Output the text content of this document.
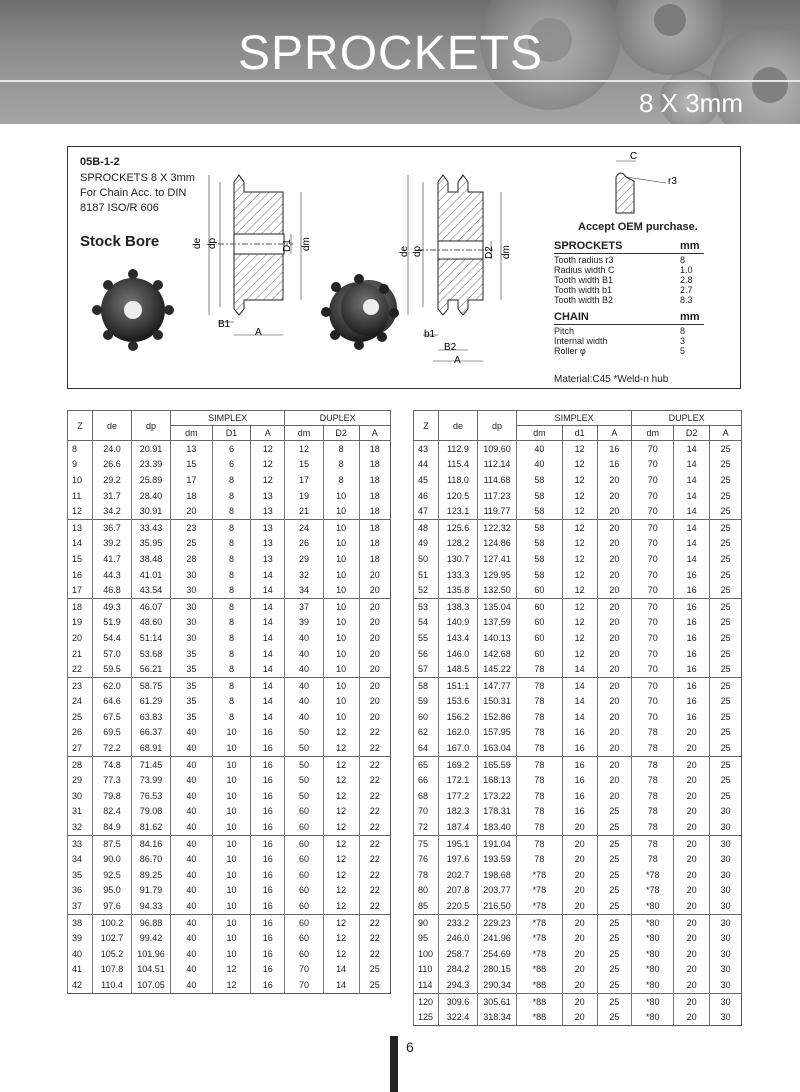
SPROCKETS
8 X 3mm
de dp	D1 dm
B1
A
de dp	D2 dm
b1
B2
A
C
r3
05B-1-2
SPROCKETS 8 X 3mm
For Chain Acc. to DIN
8187 ISO/R 606
Stock Bore
Accept OEM purchase.
SPROCKETS	mm
Tooth radius r3	8
Radius width C	1.0
Tooth width B1	2.8
Tooth width b1	2.7
Tooth width B2	8.3
CHAIN	mm
Pitch	8
Internal width	3
Roller φ	5
Material:C45 *Weld-n hub
Z	de	dp	SIMPLEX			DUPLEX		
			dm	D1	A	dm	D2	A
8	24.0	20.91	13	6	12	12	8	18
9	26.6	23.39	15	6	12	15	8	18
10	29.2	25.89	17	8	12	17	8	18
11	31.7	28.40	18	8	13	19	10	18
12	34.2	30.91	20	8	13	21	10	18
13	36.7	33.43	23	8	13	24	10	18
14	39.2	35.95	25	8	13	26	10	18
15	41.7	38.48	28	8	13	29	10	18
16	44.3	41.01	30	8	14	32	10	20
17	46.8	43.54	30	8	14	34	10	20
18	49.3	46.07	30	8	14	37	10	20
19	51.9	48.60	30	8	14	39	10	20
20	54.4	51.14	30	8	14	40	10	20
21	57.0	53.68	35	8	14	40	10	20
22	59.5	56.21	35	8	14	40	10	20
23	62.0	58.75	35	8	14	40	10	20
24	64.6	61.29	35	8	14	40	10	20
25	67.5	63.83	35	8	14	40	10	20
26	69.5	66.37	40	10	16	50	12	22
27	72.2	68.91	40	10	16	50	12	22
28	74.8	71.45	40	10	16	50	12	22
29	77.3	73.99	40	10	16	50	12	22
30	79.8	76.53	40	10	16	50	12	22
31	82.4	79.08	40	10	16	60	12	22
32	84.9	81.62	40	10	16	60	12	22
33	87.5	84.16	40	10	16	60	12	22
34	90.0	86.70	40	10	16	60	12	22
35	92.5	89.25	40	10	16	60	12	22
36	95.0	91.79	40	10	16	60	12	22
37	97.6	94.33	40	10	16	60	12	22
38	100.2	96.88	40	10	16	60	12	22
39	102.7	99.42	40	10	16	60	12	22
40	105.2	101.96	40	10	16	60	12	22
41	107.8	104.51	40	12	16	70	14	25
42	110.4	107.05	40	12	16	70	14	25
Z	de	dp	SIMPLEX			DUPLEX		
			dm	d1	A	dm	D2	A
43	112.9	109.60	40	12	16	70	14	25
44	115.4	112.14	40	12	16	70	14	25
45	118.0	114.68	58	12	20	70	14	25
46	120.5	117.23	58	12	20	70	14	25
47	123.1	119.77	58	12	20	70	14	25
48	125.6	122.32	58	12	20	70	14	25
49	128.2	124.86	58	12	20	70	14	25
50	130.7	127.41	58	12	20	70	14	25
51	133.3	129.95	58	12	20	70	16	25
52	135.8	132.50	60	12	20	70	16	25
53	138.3	135.04	60	12	20	70	16	25
54	140.9	137.59	60	12	20	70	16	25
55	143.4	140.13	60	12	20	70	16	25
56	146.0	142.68	60	12	20	70	16	25
57	148.5	145.22	78	14	20	70	16	25
58	151.1	147.77	78	14	20	70	16	25
59	153.6	150.31	78	14	20	70	16	25
60	156.2	152.86	78	14	20	70	16	25
62	162.0	157.95	78	16	20	78	20	25
64	167.0	163.04	78	16	20	78	20	25
65	169.2	165.59	78	16	20	78	20	25
66	172.1	168.13	78	16	20	78	20	25
68	177.2	173.22	78	16	20	78	20	25
70	182.3	178.31	78	16	25	78	20	30
72	187.4	183.40	78	20	25	78	20	30
75	195.1	191.04	78	20	25	78	20	30
76	197.6	193.59	78	20	25	78	20	30
78	202.7	198.68	*78	20	25	*78	20	30
80	207.8	203.77	*78	20	25	*78	20	30
85	220.5	216.50	*78	20	25	*80	20	30
90	233.2	229.23	*78	20	25	*80	20	30
95	246.0	241.96	*78	20	25	*80	20	30
100	258.7	254.69	*78	20	25	*80	20	30
110	284.2	280.15	*88	20	25	*80	20	30
114	294.3	290.34	*88	20	25	*80	20	30
120	309.6	305.61	*88	20	25	*80	20	30
125	322.4	318.34	*88	20	25	*80	20	30
6
